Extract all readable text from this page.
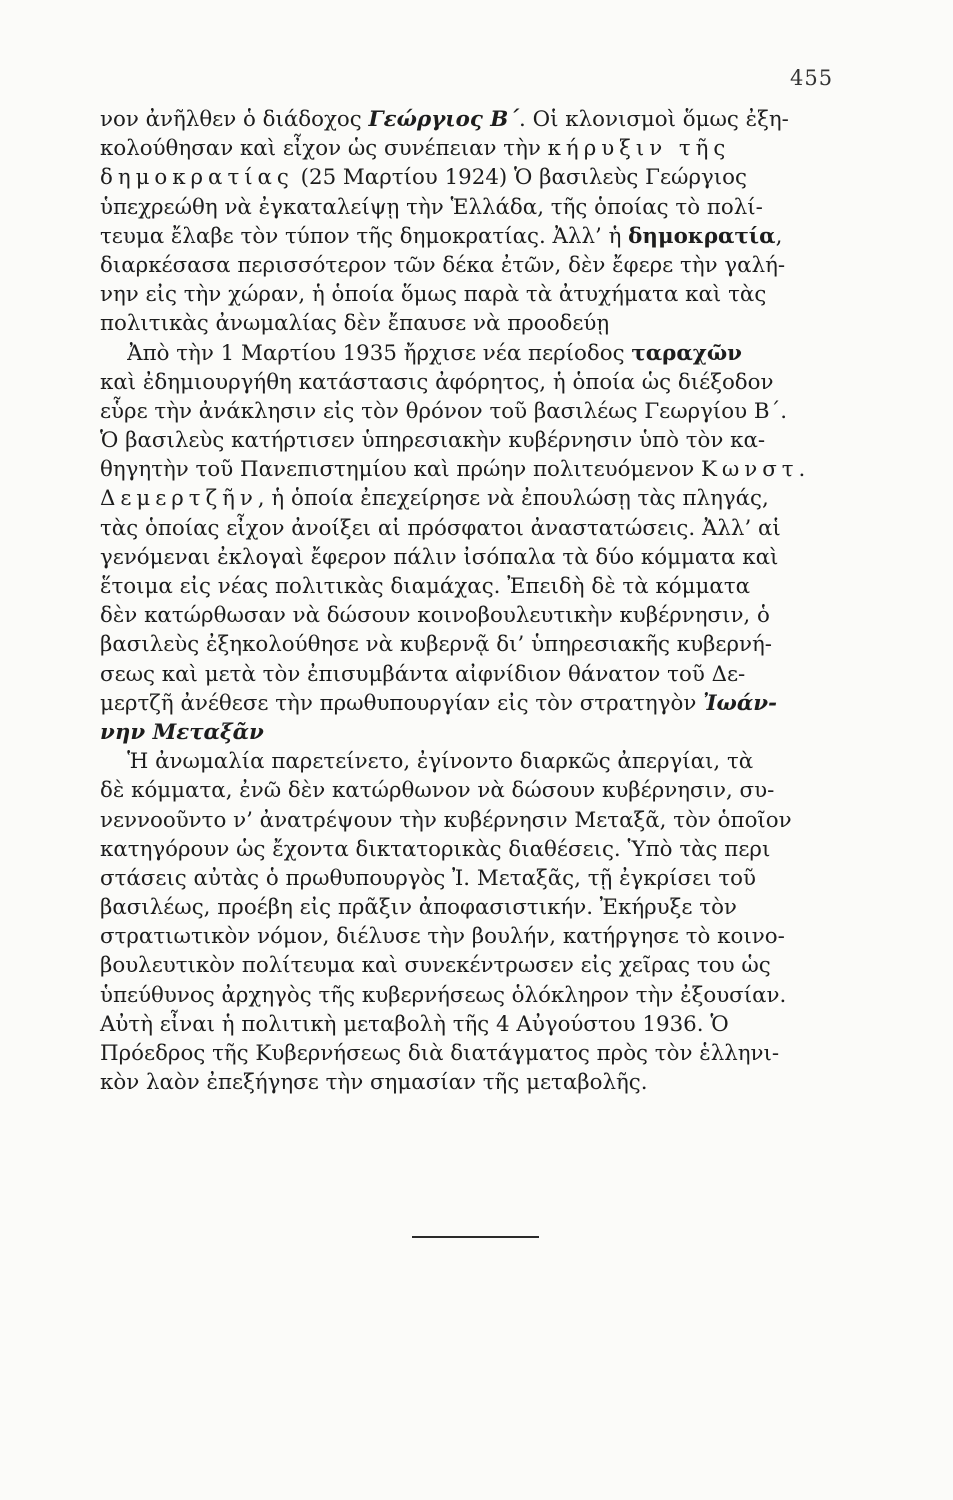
455
νον ἀνῆλθεν ὁ διάδοχος Γεώργιος Β΄. Οἱ κλονισμοὶ ὅμως ἐξη-
κολούθησαν καὶ εἶχον ὡς συνέπειαν τὴν κήρυξιν τῆς
δημοκρατίας (25 Μαρτίου 1924) Ὁ βασιλεὺς Γεώργιος
ὑπεχρεώθη νὰ ἐγκαταλείψῃ τὴν Ἑλλάδα, τῆς ὁποίας τὸ πολί-
τευμα ἔλαβε τὸν τύπον τῆς δημοκρατίας. Ἀλλ’ ἡ δημοκρατία,
διαρκέσασα περισσότερον τῶν δέκα ἐτῶν, δὲν ἔφερε τὴν γαλή-
νην εἰς τὴν χώραν, ἡ ὁποία ὅμως παρὰ τὰ ἀτυχήματα καὶ τὰς
πολιτικὰς ἀνωμαλίας δὲν ἔπαυσε νὰ προοδεύῃ
Ἀπὸ τὴν 1 Μαρτίου 1935 ἤρχισε νέα περίοδος ταραχῶν
καὶ ἐδημιουργήθη κατάστασις ἀφόρητος, ἡ ὁποία ὡς διέξοδον
εὗρε τὴν ἀνάκλησιν εἰς τὸν θρόνον τοῦ βασιλέως Γεωργίου Β΄.
Ὁ βασιλεὺς κατήρτισεν ὑπηρεσιακὴν κυβέρνησιν ὑπὸ τὸν κα-
θηγητὴν τοῦ Πανεπιστημίου καὶ πρώην πολιτευόμενον Κωνστ.
Δεμερτζῆν, ἡ ὁποία ἐπεχείρησε νὰ ἐπουλώσῃ τὰς πληγάς,
τὰς ὁποίας εἶχον ἀνοίξει αἱ πρόσφατοι ἀναστατώσεις. Ἀλλ’ αἱ
γενόμεναι ἐκλογαὶ ἔφερον πάλιν ἰσόπαλα τὰ δύο κόμματα καὶ
ἕτοιμα εἰς νέας πολιτικὰς διαμάχας. Ἐπειδὴ δὲ τὰ κόμματα
δὲν κατώρθωσαν νὰ δώσουν κοινοβουλευτικὴν κυβέρνησιν, ὁ
βασιλεὺς ἐξηκολούθησε νὰ κυβερνᾷ δι’ ὑπηρεσιακῆς κυβερνή-
σεως καὶ μετὰ τὸν ἐπισυμβάντα αἰφνίδιον θάνατον τοῦ Δε-
μερτζῆ ἀνέθεσε τὴν πρωθυπουργίαν εἰς τὸν στρατηγὸν Ἰωάν-
νην Μεταξᾶν
Ἡ ἀνωμαλία παρετείνετο, ἐγίνοντο διαρκῶς ἀπεργίαι, τὰ
δὲ κόμματα, ἐνῶ δὲν κατώρθωνον νὰ δώσουν κυβέρνησιν, συ-
νεννοοῦντο ν’ ἀνατρέψουν τὴν κυβέρνησιν Μεταξᾶ, τὸν ὁποῖον
κατηγόρουν ὡς ἔχοντα δικτατορικὰς διαθέσεις. Ὑπὸ τὰς περι
στάσεις αὐτὰς ὁ πρωθυπουργὸς Ἰ. Μεταξᾶς, τῇ ἐγκρίσει τοῦ
βασιλέως, προέβη εἰς πρᾶξιν ἀποφασιστικήν. Ἐκήρυξε τὸν
στρατιωτικὸν νόμον, διέλυσε τὴν βουλήν, κατήργησε τὸ κοινο-
βουλευτικὸν πολίτευμα καὶ συνεκέντρωσεν εἰς χεῖρας του ὡς
ὑπεύθυνος ἀρχηγὸς τῆς κυβερνήσεως ὁλόκληρον τὴν ἐξουσίαν.
Αὐτὴ εἶναι ἡ πολιτικὴ μεταβολὴ τῆς 4 Αὐγούστου 1936. Ὁ
Πρόεδρος τῆς Κυβερνήσεως διὰ διατάγματος πρὸς τὸν ἑλληνι-
κὸν λαὸν ἐπεξήγησε τὴν σημασίαν τῆς μεταβολῆς.
